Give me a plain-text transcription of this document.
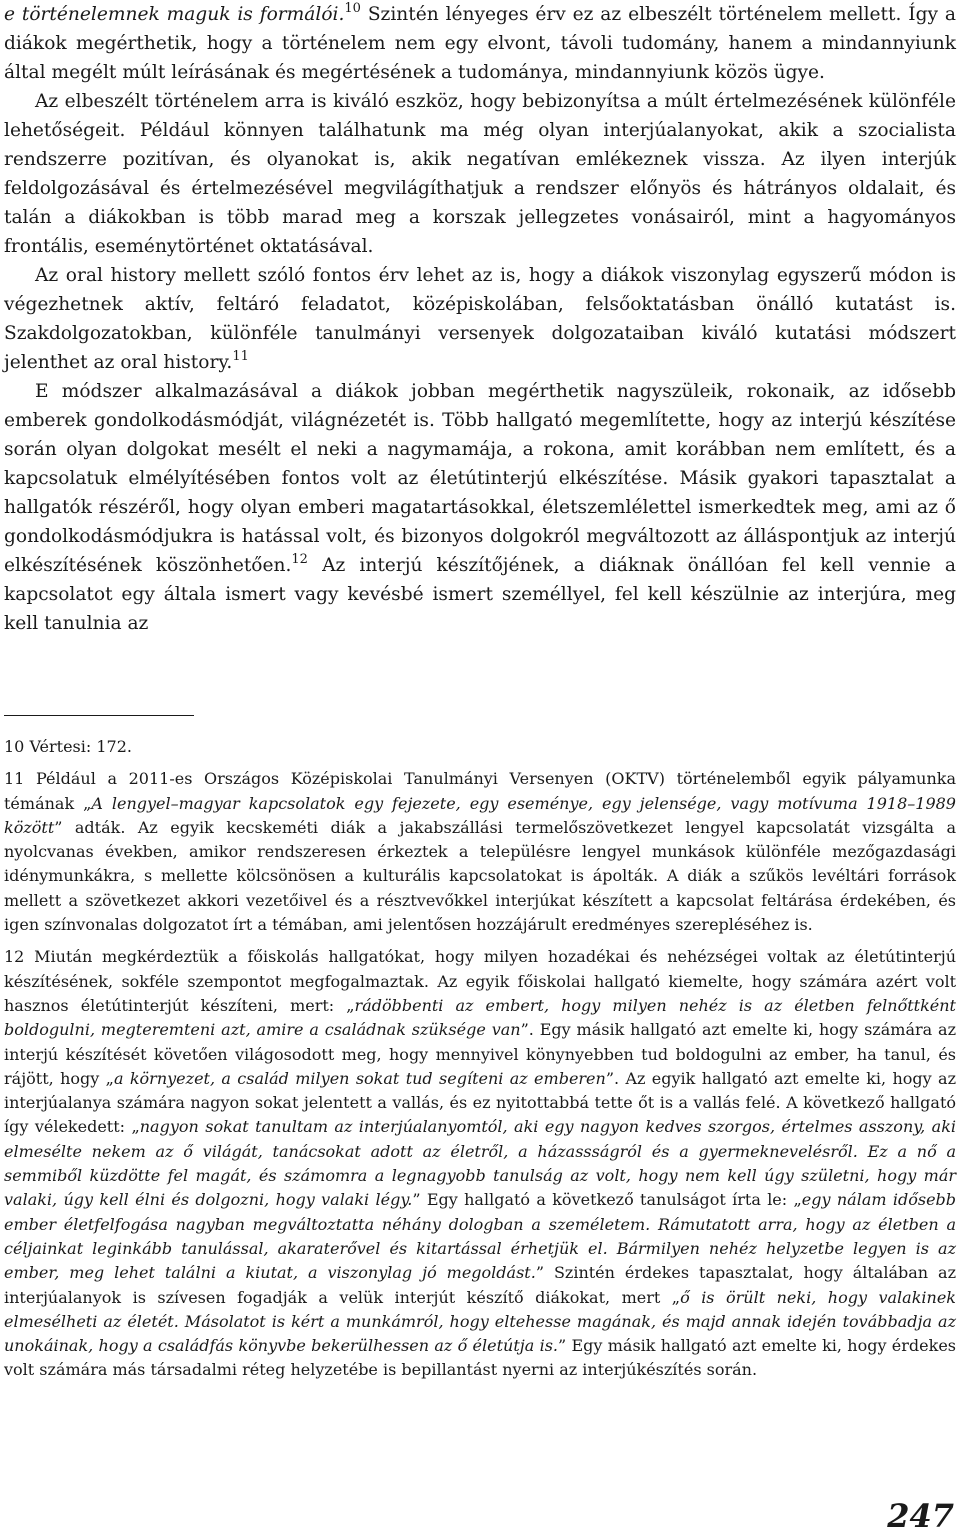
e történelemnek maguk is formálói.$^{10}$ Szintén lényeges érv ez az elbeszélt történelem mellett. Így a diákok megérthetik, hogy a történelem nem egy elvont, távoli tudomány, hanem a mindannyiunk által megélt múlt leírásának és megértésének a tudománya, mindannyiunk közös ügye.

Az elbeszélt történelem arra is kiváló eszköz, hogy bebizonyítsa a múlt értelmezésének különféle lehetőségeit. Például könnyen találhatunk ma még olyan interjúalanyokat, akik a szocialista rendszerre pozitívan, és olyanokat is, akik negatívan emlékeznek vissza. Az ilyen interjúk feldolgozásával és értelmezésével megvilágíthatjuk a rendszer előnyös és hátrányos oldalait, és talán a diákokban is több marad meg a korszak jellegzetes vonásairól, mint a hagyományos frontális, eseménytörténet oktatásával.

Az oral history mellett szóló fontos érv lehet az is, hogy a diákok viszonylag egyszerű módon is végezhetnek aktív, feltáró feladatot, középiskolában, felsőoktatásban önálló kutatást is. Szakdolgozatokban, különféle tanulmányi versenyek dolgozataiban kiváló kutatási módszert jelenthet az oral history.$^{11}$

E módszer alkalmazásával a diákok jobban megérthetik nagyszüleik, rokonaik, az idősebb emberek gondolkodásmódját, világnézetét is. Több hallgató megemlítette, hogy az interjú készítése során olyan dolgokat mesélt el neki a nagymamája, a rokona, amit korábban nem említett, és a kapcsolatuk elmélyítésében fontos volt az életútinterjú elkészítése. Másik gyakori tapasztalat a hallgatók részéről, hogy olyan emberi magatartásokkal, életszemlélettel ismerkedtek meg, ami az ő gondolkodásmódjukra is hatással volt, és bizonyos dolgokról megváltozott az álláspontjuk az interjú elkészítésének köszönhetően.$^{12}$ Az interjú készítőjének, a diáknak önállóan fel kell vennie a kapcsolatot egy általa ismert vagy kevésbé ismert személlyel, fel kell készülnie az interjúra, meg kell tanulnia az

10 Vértesi: 172.

11 Például a 2011-es Országos Középiskolai Tanulmányi Versenyen (OKTV) történelemből egyik pályamunka témának „A lengyel–magyar kapcsolatok egy fejezete, egy eseménye, egy jelensége, vagy motívuma 1918–1989 között” adták. Az egyik kecskeméti diák a jakabszállási termelőszövetkezet lengyel kapcsolatát vizsgálta a nyolcvanas években, amikor rendszeresen érkeztek a településre lengyel munkások különféle mezőgazdasági idénymunkákra, s mellette kölcsönösen a kulturális kapcsolatokat is ápolták. A diák a szűkös levéltári források mellett a szövetkezet akkori vezetőivel és a résztvevőkkel interjúkat készített a kapcsolat feltárása érdekében, és igen színvonalas dolgozatot írt a témában, ami jelentősen hozzájárult eredményes szerepléséhez is.

12 Miután megkérdeztük a főiskolás hallgatókat, hogy milyen hozadékai és nehézségei voltak az életútinterjú készítésének, sokféle szempontot megfogalmaztak. Az egyik főiskolai hallgató kiemelte, hogy számára azért volt hasznos életútinterjút készíteni, mert: „rádöbbenti az embert, hogy milyen nehéz is az életben felnőttként boldogulni, megteremteni azt, amire a családnak szüksége van”. Egy másik hallgató azt emelte ki, hogy számára az interjú készítését követően világosodott meg, hogy mennyivel könynyebben tud boldogulni az ember, ha tanul, és rájött, hogy „a környezet, a család milyen sokat tud segíteni az emberen”. Az egyik hallgató azt emelte ki, hogy az interjúalanya számára nagyon sokat jelentett a vallás, és ez nyitottabbá tette őt is a vallás felé. A következő hallgató így vélekedett: „nagyon sokat tanultam az interjúalanyomtól, aki egy nagyon kedves szorgos, értelmes asszony, aki elmesélte nekem az ő világát, tanácsokat adott az életről, a házassságról és a gyermeknevelésről. Ez a nő a semmiből küzdötte fel magát, és számomra a legnagyobb tanulság az volt, hogy nem kell úgy születni, hogy már valaki, úgy kell élni és dolgozni, hogy valaki légy.” Egy hallgató a következő tanulságot írta le: „egy nálam idősebb ember életfelfogása nagyban megváltoztatta néhány dologban a személetem. Rámutatott arra, hogy az életben a céljainkat leginkább tanulással, akaraterővel és kitartással érhetjük el. Bármilyen nehéz helyzetbe legyen is az ember, meg lehet találni a kiutat, a viszonylag jó megoldást.” Szintén érdekes tapasztalat, hogy általában az interjúalanyok is szívesen fogadják a velük interjút készítő diákokat, mert „ő is örült neki, hogy valakinek elmesélheti az életét. Másolatot is kért a munkámról, hogy eltehesse magának, és majd annak idején továbbadja az unokáinak, hogy a családfás könyvbe bekerülhessen az ő életútja is.” Egy másik hallgató azt emelte ki, hogy érdekes volt számára más társadalmi réteg helyzetébe is bepillantást nyerni az interjúkészítés során.

247
